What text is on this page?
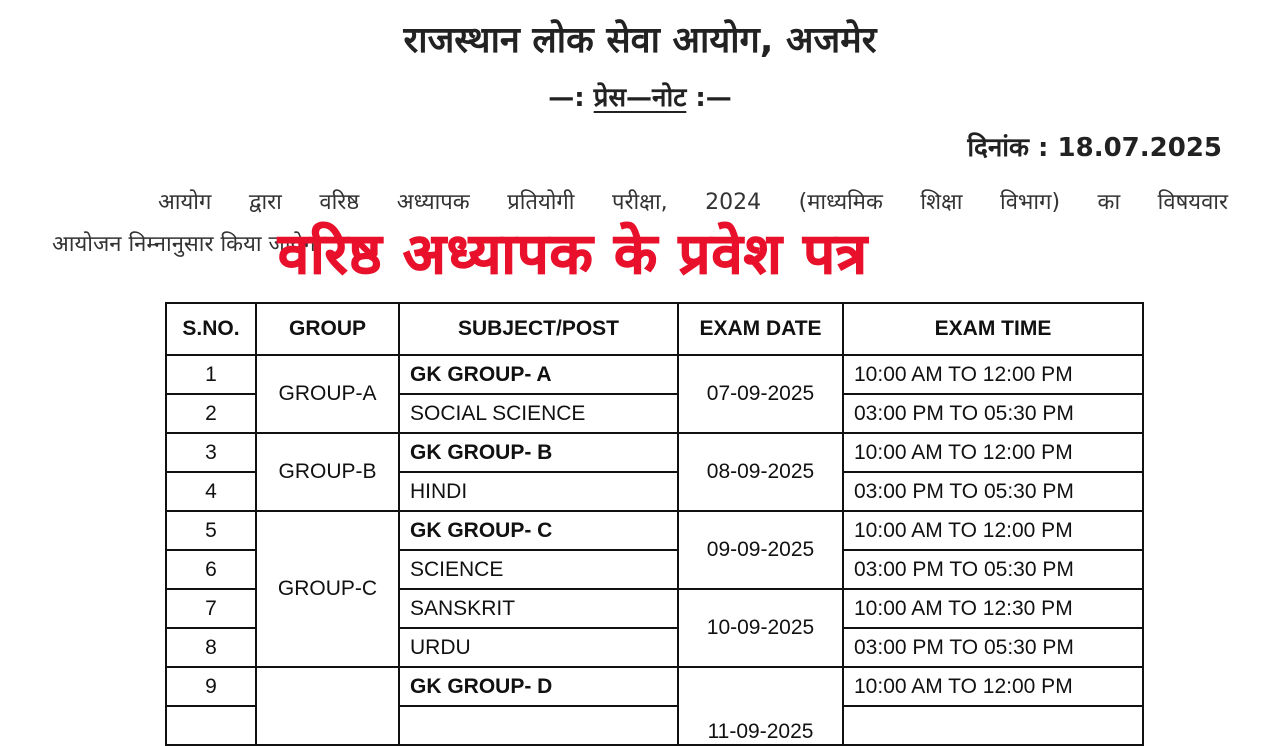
राजस्थान लोक सेवा आयोग, अजमेर
—: प्रेस—नोट :—
दिनांक : 18.07.2025
आयोग द्वारा वरिष्ठ अध्यापक प्रतियोगी परीक्षा, 2024 (माध्यमिक शिक्षा विभाग) का विषयवार
आयोजन निम्नानुसार किया जायेगा
वरिष्ठ अध्यापक के प्रवेश पत्र
S.NO.	GROUP	SUBJECT/POST	EXAM DATE	EXAM TIME
1	GROUP-A	GK GROUP- A	07-09-2025	10:00 AM TO 12:00 PM
2		SOCIAL SCIENCE		03:00 PM TO 05:30 PM
3	GROUP-B	GK GROUP- B	08-09-2025	10:00 AM TO 12:00 PM
4		HINDI		03:00 PM TO 05:30 PM
5	GROUP-C	GK GROUP- C	09-09-2025	10:00 AM TO 12:00 PM
6		SCIENCE		03:00 PM TO 05:30 PM
7		SANSKRIT	10-09-2025	10:00 AM TO 12:30 PM
8		URDU		03:00 PM TO 05:30 PM
9		GK GROUP- D	11-09-2025	10:00 AM TO 12:00 PM
